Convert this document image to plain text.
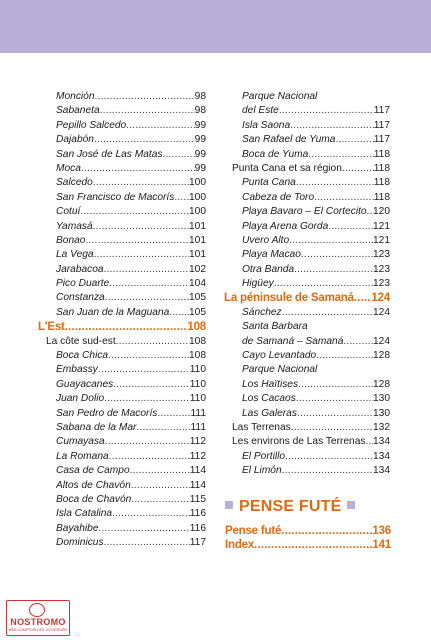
Monción .....	98
Sabaneta .....	98
Pepillo Salcedo .....	99
Dajabón .....	99
San José de Las Matas .....	99
Moca .....	99
Salcedo .....	100
San Francisco de Macorís ..... 100
Cotuí .....	100
Yamasá .....	101
Bonao .....	101
La Vega .....	101
Jarabacoa .....	102
Pico Duarte .....	104
Constanza .....	105
San Juan de la Maguana ..... 105
L'Est .....	108
La côte sud-est .....	108
Boca Chica .....	108
Embassy .....	110
Guayacanes .....	110
Juan Dolio .....	110
San Pedro de Macorís .....	111
Sabana de la Mar .....	111
Cumayasa .....	112
La Romana .....	112
Casa de Campo .....	114
Altos de Chavón .....	114
Boca de Chavón .....	115
Isla Catalina .....	116
Bayahibe .....	116
Dominicus .....	117
Parque Nacional
del Este .....	117
Isla Saona .....	117
San Rafael de Yuma .....	117
Boca de Yuma .....	118
Punta Cana et sa région .....	118
Punta Cana .....	118
Cabeza de Toro .....	118
Playa Bavaro – El Cortecito ..... 120
Playa Arena Gorda .....	121
Uvero Alto .....	121
Playa Macao .....	123
Otra Banda .....	123
Higüey .....	123
La péninsule de Samaná ..... 124
Sánchez .....	124
Santa Barbara
de Samaná – Samaná .....	124
Cayo Levantado .....	128
Parque Nacional
Los Haïtises .....	128
Los Cacaos .....	130
Las Galeras .....	130
Las Terrenas .....	132
Les environs de Las Terrenas ..... 134
El Portillo .....	134
El Limón .....	134
PENSE FUTÉ
Pense futé .....	136
Index .....	141
NOSTROMO
WEB COMPTOIR DES VOYAGEURS
